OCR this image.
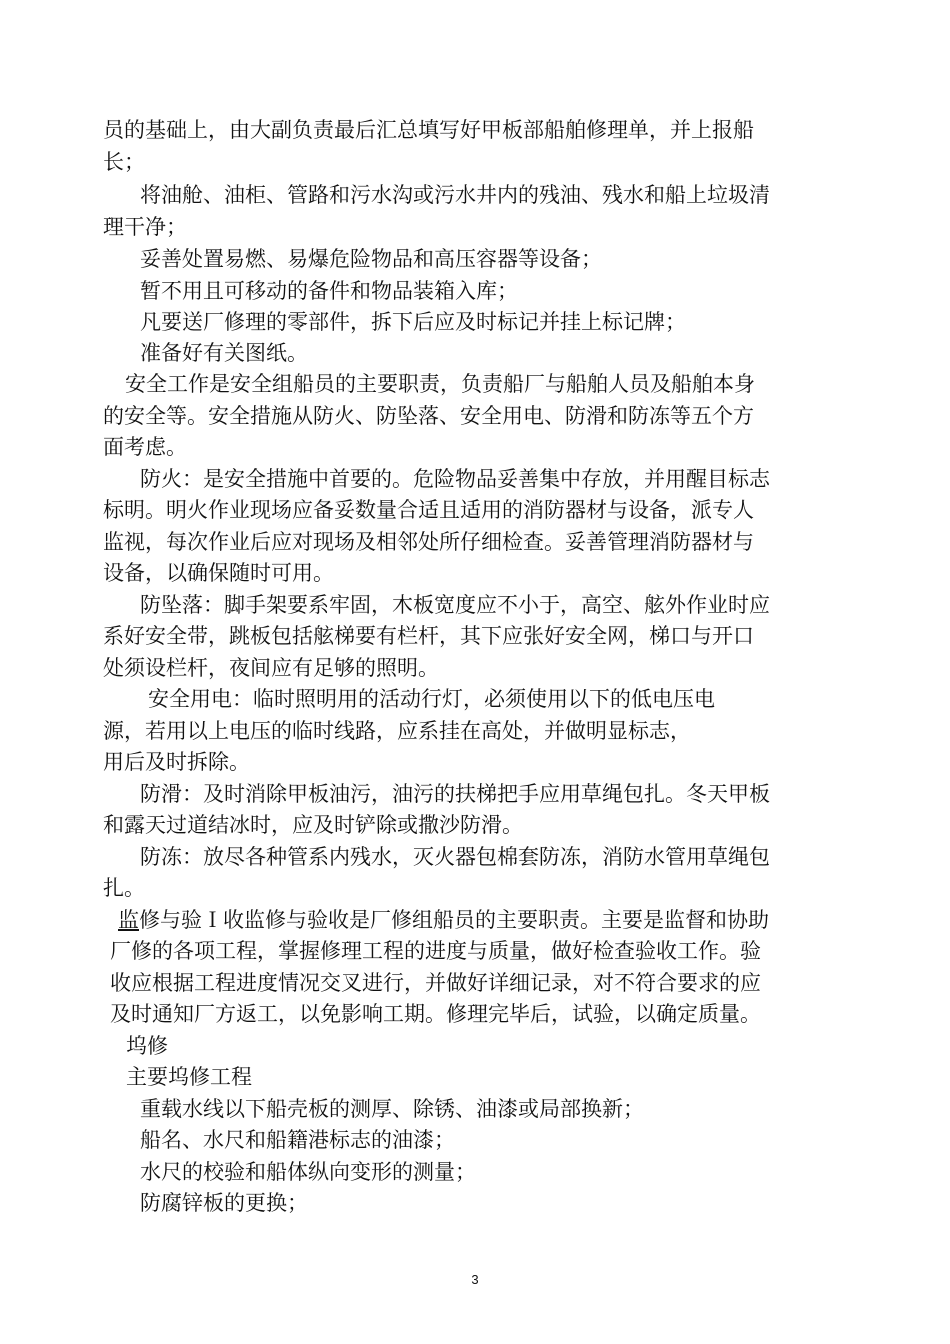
员的基础上，由大副负责最后汇总填写好甲板部船舶修理单，并上报船
长；
将油舱、油柜、管路和污水沟或污水井内的残油、残水和船上垃圾清
理干净；
妥善处置易燃、易爆危险物品和高压容器等设备；
暂不用且可移动的备件和物品装箱入库；
凡要送厂修理的零部件，拆下后应及时标记并挂上标记牌；
准备好有关图纸。
安全工作是安全组船员的主要职责，负责船厂与船舶人员及船舶本身
的安全等。安全措施从防火、防坠落、安全用电、防滑和防冻等五个方
面考虑。
防火：是安全措施中首要的。危险物品妥善集中存放，并用醒目标志
标明。明火作业现场应备妥数量合适且适用的消防器材与设备，派专人
监视，每次作业后应对现场及相邻处所仔细检查。妥善管理消防器材与
设备，以确保随时可用。
防坠落：脚手架要系牢固，木板宽度应不小于，高空、舷外作业时应
系好安全带，跳板包括舷梯要有栏杆，其下应张好安全网，梯口与开口
处须设栏杆，夜间应有足够的照明。
安全用电：临时照明用的活动行灯，必须使用以下的低电压电
源，若用以上电压的临时线路，应系挂在高处，并做明显标志，
用后及时拆除。
防滑：及时消除甲板油污，油污的扶梯把手应用草绳包扎。冬天甲板
和露天过道结冰时，应及时铲除或撒沙防滑。
防冻：放尽各种管系内残水，灭火器包棉套防冻，消防水管用草绳包
扎。
监修与验Ｉ收监修与验收是厂修组船员的主要职责。主要是监督和协助
厂修的各项工程，掌握修理工程的进度与质量，做好检查验收工作。验
收应根据工程进度情况交叉进行，并做好详细记录，对不符合要求的应
及时通知厂方返工，以免影响工期。修理完毕后，试验，以确定质量。
坞修
主要坞修工程
重载水线以下船壳板的测厚、除锈、油漆或局部换新；
船名、水尺和船籍港标志的油漆；
水尺的校验和船体纵向变形的测量；
防腐锌板的更换；
3
